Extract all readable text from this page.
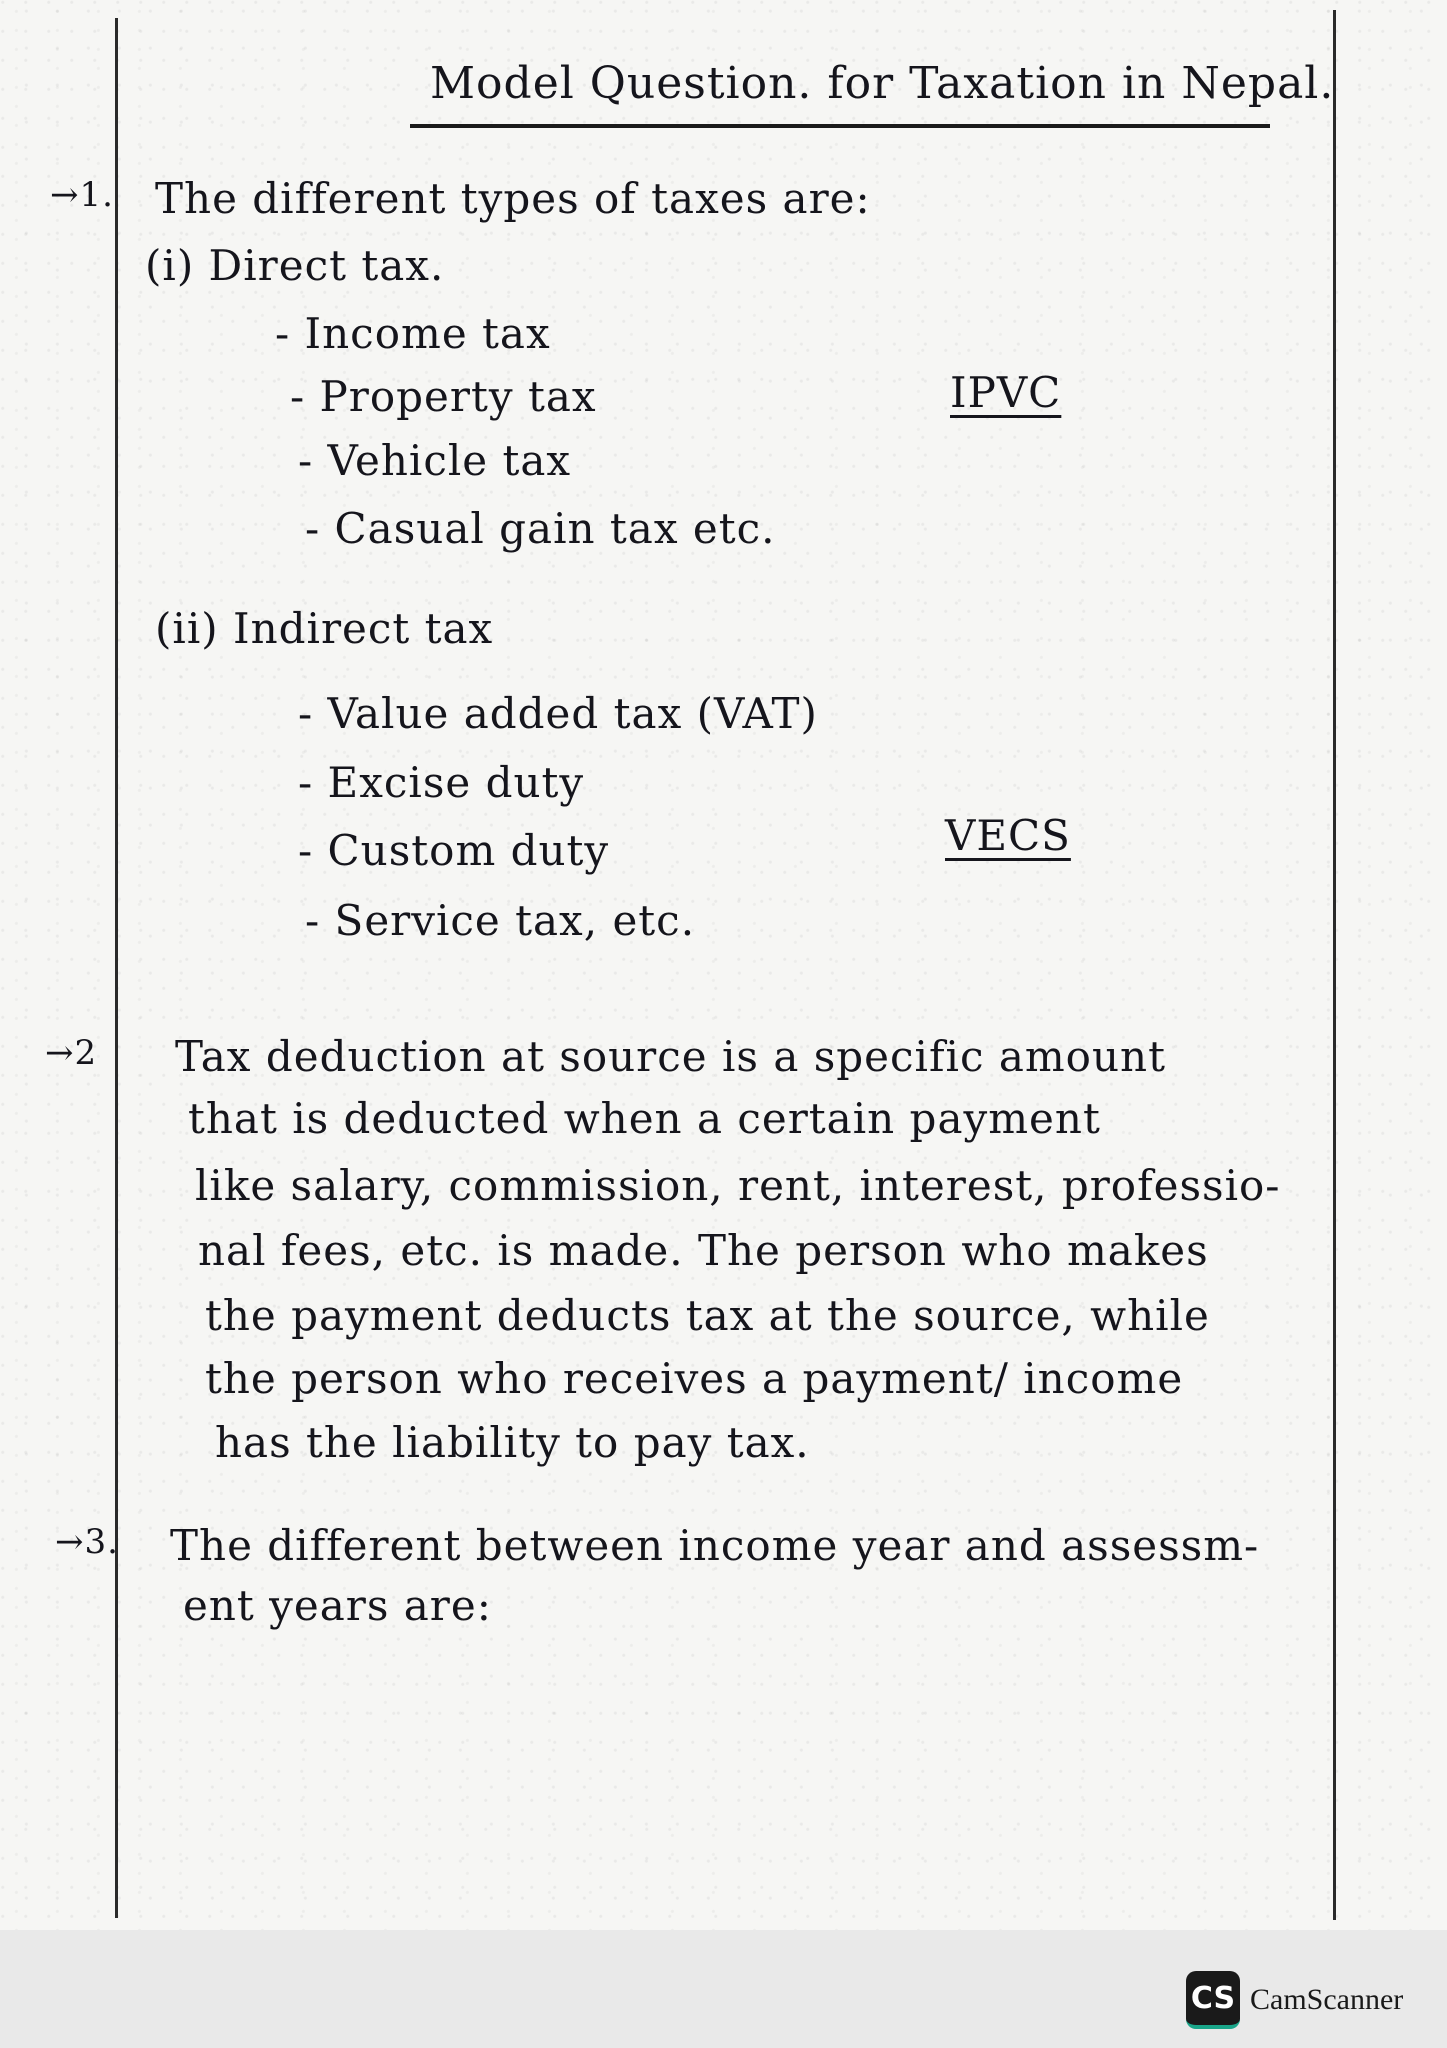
Model Question. for Taxation in Nepal.
→1. The different types of taxes are:
(i) Direct tax.
- Income tax
- Property tax
- Vehicle tax
- Casual gain tax etc.
IPVC
(ii) Indirect tax
- Value added tax (VAT)
- Excise duty
- Custom duty
- Service tax, etc.
VECS
→2 Tax deduction at source is a specific amount
that is deducted when a certain payment
like salary, commission, rent, interest, professio-
nal fees, etc. is made. The person who makes
the payment deducts tax at the source, while
the person who receives a payment/ income
has the liability to pay tax.
→3. The different between income year and assessm-
ent years are:
CS CamScanner
